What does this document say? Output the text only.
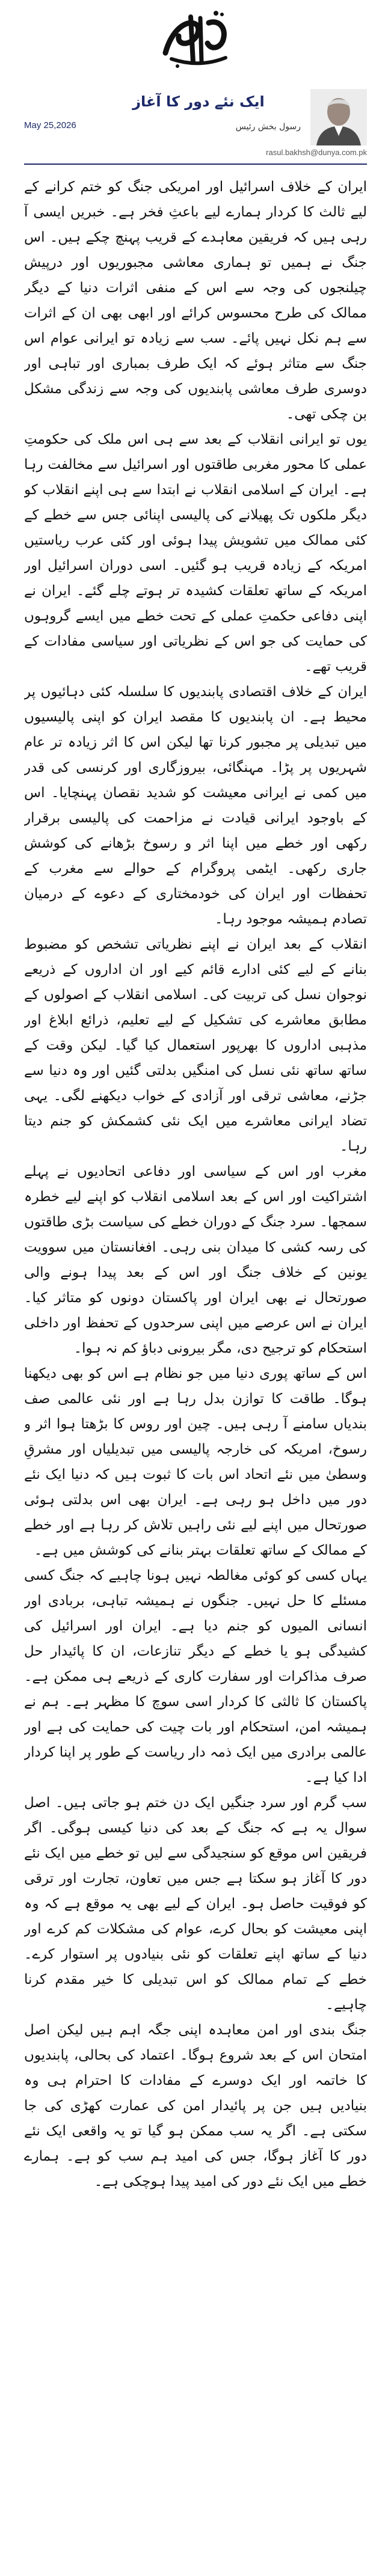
ایک نئے دور کا آغاز
May 25,2026	رسول بخش رئیس
rasul.bakhsh@dunya.com.pk

ایران کے خلاف اسرائیل اور امریکی جنگ کو ختم کرانے کے لیے ثالث کا کردار ہمارے لیے باعثِ فخر ہے۔ خبریں ایسی آ رہی ہیں کہ فریقین معاہدے کے قریب پہنچ چکے ہیں۔ اس جنگ نے ہمیں تو ہماری معاشی مجبوریوں اور درپیش چیلنجوں کی وجہ سے اس کے منفی اثرات دنیا کے دیگر ممالک کی طرح محسوس کرائے اور ابھی بھی ان کے اثرات سے ہم نکل نہیں پائے۔ سب سے زیادہ تو ایرانی عوام اس جنگ سے متاثر ہوئے کہ ایک طرف بمباری اور تباہی اور دوسری طرف معاشی پابندیوں کی وجہ سے زندگی مشکل بن چکی تھی۔

یوں تو ایرانی انقلاب کے بعد سے ہی اس ملک کی حکومتِ عملی کا محور مغربی طاقتوں اور اسرائیل سے مخالفت رہا ہے۔ ایران کے اسلامی انقلاب نے ابتدا سے ہی اپنے انقلاب کو دیگر ملکوں تک پھیلانے کی پالیسی اپنائی جس سے خطے کے کئی ممالک میں تشویش پیدا ہوئی اور کئی عرب ریاستیں امریکہ کے زیادہ قریب ہو گئیں۔ اسی دوران اسرائیل اور امریکہ کے ساتھ تعلقات کشیدہ تر ہوتے چلے گئے۔ ایران نے اپنی دفاعی حکمتِ عملی کے تحت خطے میں ایسے گروہوں کی حمایت کی جو اس کے نظریاتی اور سیاسی مفادات کے قریب تھے۔

ایران کے خلاف اقتصادی پابندیوں کا سلسلہ کئی دہائیوں پر محیط ہے۔ ان پابندیوں کا مقصد ایران کو اپنی پالیسیوں میں تبدیلی پر مجبور کرنا تھا لیکن اس کا اثر زیادہ تر عام شہریوں پر پڑا۔ مہنگائی، بیروزگاری اور کرنسی کی قدر میں کمی نے ایرانی معیشت کو شدید نقصان پہنچایا۔ اس کے باوجود ایرانی قیادت نے مزاحمت کی پالیسی برقرار رکھی اور خطے میں اپنا اثر و رسوخ بڑھانے کی کوشش جاری رکھی۔ ایٹمی پروگرام کے حوالے سے مغرب کے تحفظات اور ایران کی خودمختاری کے دعوے کے درمیان تصادم ہمیشہ موجود رہا۔

انقلاب کے بعد ایران نے اپنے نظریاتی تشخص کو مضبوط بنانے کے لیے کئی ادارے قائم کیے اور ان اداروں کے ذریعے نوجوان نسل کی تربیت کی۔ اسلامی انقلاب کے اصولوں کے مطابق معاشرے کی تشکیل کے لیے تعلیم، ذرائع ابلاغ اور مذہبی اداروں کا بھرپور استعمال کیا گیا۔ لیکن وقت کے ساتھ ساتھ نئی نسل کی امنگیں بدلتی گئیں اور وہ دنیا سے جڑنے، معاشی ترقی اور آزادی کے خواب دیکھنے لگی۔ یہی تضاد ایرانی معاشرے میں ایک نئی کشمکش کو جنم دیتا رہا۔

مغرب اور اس کے سیاسی اور دفاعی اتحادیوں نے پہلے اشتراکیت اور اس کے بعد اسلامی انقلاب کو اپنے لیے خطرہ سمجھا۔ سرد جنگ کے دوران خطے کی سیاست بڑی طاقتوں کی رسہ کشی کا میدان بنی رہی۔ افغانستان میں سوویت یونین کے خلاف جنگ اور اس کے بعد پیدا ہونے والی صورتحال نے بھی ایران اور پاکستان دونوں کو متاثر کیا۔ ایران نے اس عرصے میں اپنی سرحدوں کے تحفظ اور داخلی استحکام کو ترجیح دی، مگر بیرونی دباؤ کم نہ ہوا۔

اس کے ساتھ پوری دنیا میں جو نظام ہے اس کو بھی دیکھنا ہوگا۔ طاقت کا توازن بدل رہا ہے اور نئی عالمی صف بندیاں سامنے آ رہی ہیں۔ چین اور روس کا بڑھتا ہوا اثر و رسوخ، امریکہ کی خارجہ پالیسی میں تبدیلیاں اور مشرقِ وسطیٰ میں نئے اتحاد اس بات کا ثبوت ہیں کہ دنیا ایک نئے دور میں داخل ہو رہی ہے۔ ایران بھی اس بدلتی ہوئی صورتحال میں اپنے لیے نئی راہیں تلاش کر رہا ہے اور خطے کے ممالک کے ساتھ تعلقات بہتر بنانے کی کوشش میں ہے۔

یہاں کسی کو کوئی مغالطہ نہیں ہونا چاہیے کہ جنگ کسی مسئلے کا حل نہیں۔ جنگوں نے ہمیشہ تباہی، بربادی اور انسانی المیوں کو جنم دیا ہے۔ ایران اور اسرائیل کی کشیدگی ہو یا خطے کے دیگر تنازعات، ان کا پائیدار حل صرف مذاکرات اور سفارت کاری کے ذریعے ہی ممکن ہے۔ پاکستان کا ثالثی کا کردار اسی سوچ کا مظہر ہے۔ ہم نے ہمیشہ امن، استحکام اور بات چیت کی حمایت کی ہے اور عالمی برادری میں ایک ذمہ دار ریاست کے طور پر اپنا کردار ادا کیا ہے۔

سب گرم اور سرد جنگیں ایک دن ختم ہو جاتی ہیں۔ اصل سوال یہ ہے کہ جنگ کے بعد کی دنیا کیسی ہوگی۔ اگر فریقین اس موقع کو سنجیدگی سے لیں تو خطے میں ایک نئے دور کا آغاز ہو سکتا ہے جس میں تعاون، تجارت اور ترقی کو فوقیت حاصل ہو۔ ایران کے لیے بھی یہ موقع ہے کہ وہ اپنی معیشت کو بحال کرے، عوام کی مشکلات کم کرے اور دنیا کے ساتھ اپنے تعلقات کو نئی بنیادوں پر استوار کرے۔ خطے کے تمام ممالک کو اس تبدیلی کا خیر مقدم کرنا چاہیے۔

جنگ بندی اور امن معاہدہ اپنی جگہ اہم ہیں لیکن اصل امتحان اس کے بعد شروع ہوگا۔ اعتماد کی بحالی، پابندیوں کا خاتمہ اور ایک دوسرے کے مفادات کا احترام ہی وہ بنیادیں ہیں جن پر پائیدار امن کی عمارت کھڑی کی جا سکتی ہے۔ اگر یہ سب ممکن ہو گیا تو یہ واقعی ایک نئے دور کا آغاز ہوگا، جس کی امید ہم سب کو ہے۔ ہمارے خطے میں ایک نئے دور کی امید پیدا ہوچکی ہے۔
